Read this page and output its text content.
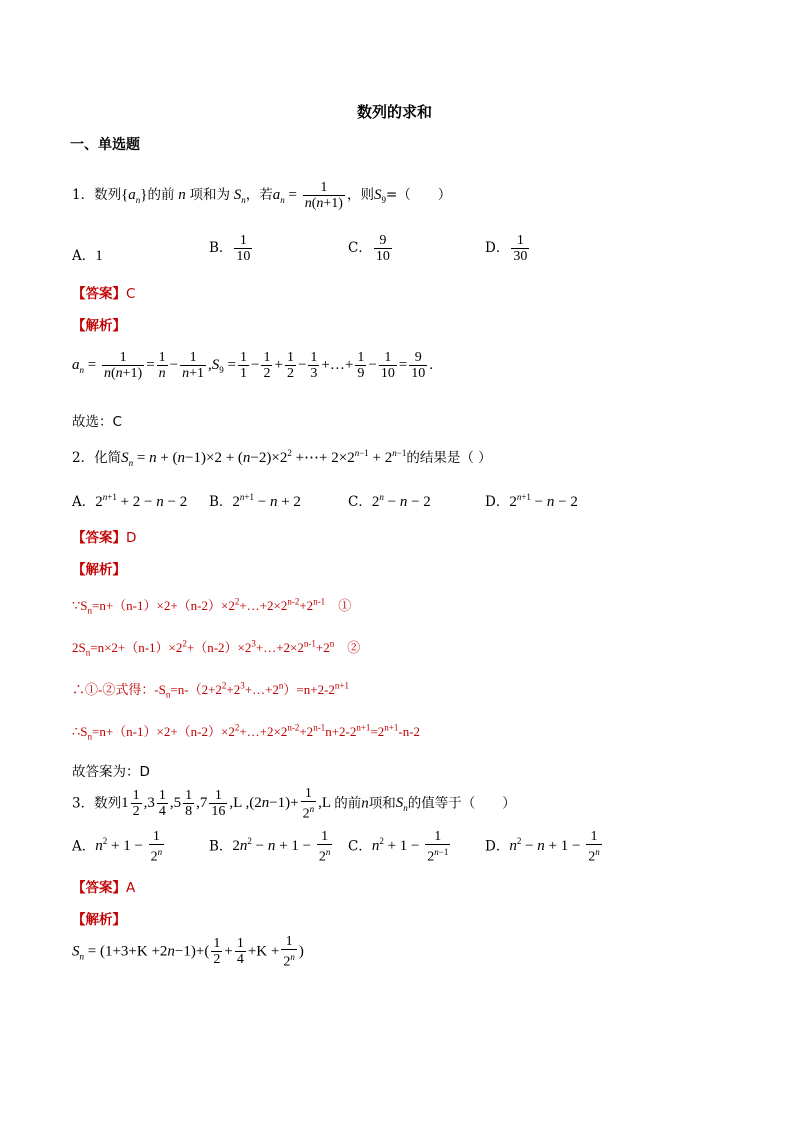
数列的求和
一、单选题
1．数列$\{a_n\}$的前 n 项和为 $S_n$，若$a_n = \frac{1}{n(n+1)}$ ，则$S_9=$（　　）
A．1	B． $\frac{1}{10}$	C． $\frac{9}{10}$	D． $\frac{1}{30}$
【答案】C
【解析】
$a_n = \frac{1}{n(n+1)} = \frac{1}{n} - \frac{1}{n+1} ,S_9 = \frac{1}{1} - \frac{1}{2} + \frac{1}{2} - \frac{1}{3}$ +…+ $\frac{1}{9} - \frac{1}{10} = \frac{9}{10}$ .
故选：C
2．化简$S_n = n + (n-1)\times 2 + (n-2)\times 2^2$ +⋯+ $2\times 2^{n-1} + 2^{n-1}$的结果是（ ）
A．$2^{n+1} + 2 - n - 2$ B．$2^{n+1} - n + 2$	C．$2^n - n - 2$	D．$2^{n+1} - n - 2$
【答案】D
【解析】
$\because S_n=n+(n-1)\times 2+(n-2)\times 2^2+\dots+2\times 2^{n-2}+2^{n-1}$　 ①
$2S_n=n\times 2+(n-1)\times 2^2+(n-2)\times 2^3+\dots+2\times 2^{n-1}+2^n$　 ②
∴①-②式得：$-S_n=n-(2+2^2+2^3+\dots+2^n)=n+2-2^{n+1}$
$\therefore S_n=n+(n-1)\times 2+(n-2)\times 2^2+\dots+2\times 2^{n-2}+2^{n-1}n+2-2^{n+1}=2^{n+1}-n-2$
故答案为：D
3．数列$1 \frac{1}{2} ,3 \frac{1}{4} ,5 \frac{1}{8} ,7 \frac{1}{16} ,L$ $,(2n-1)+ \frac{1}{2^n} ,L$ 的前n项和$S_n$的值等于（　　）
A．$n^2 + 1 - \frac{1}{2^n}$	B．$2n^2 - n + 1 - \frac{1}{2^n}$ C．$n^2 + 1 - \frac{1}{2^{n-1}}$	D．$n^2 - n + 1 - \frac{1}{2^n}$
【答案】A
【解析】
$S_n = (1+3+K +2n-1)+( \frac{1}{2} + \frac{1}{4} +K + \frac{1}{2^n}$ )
